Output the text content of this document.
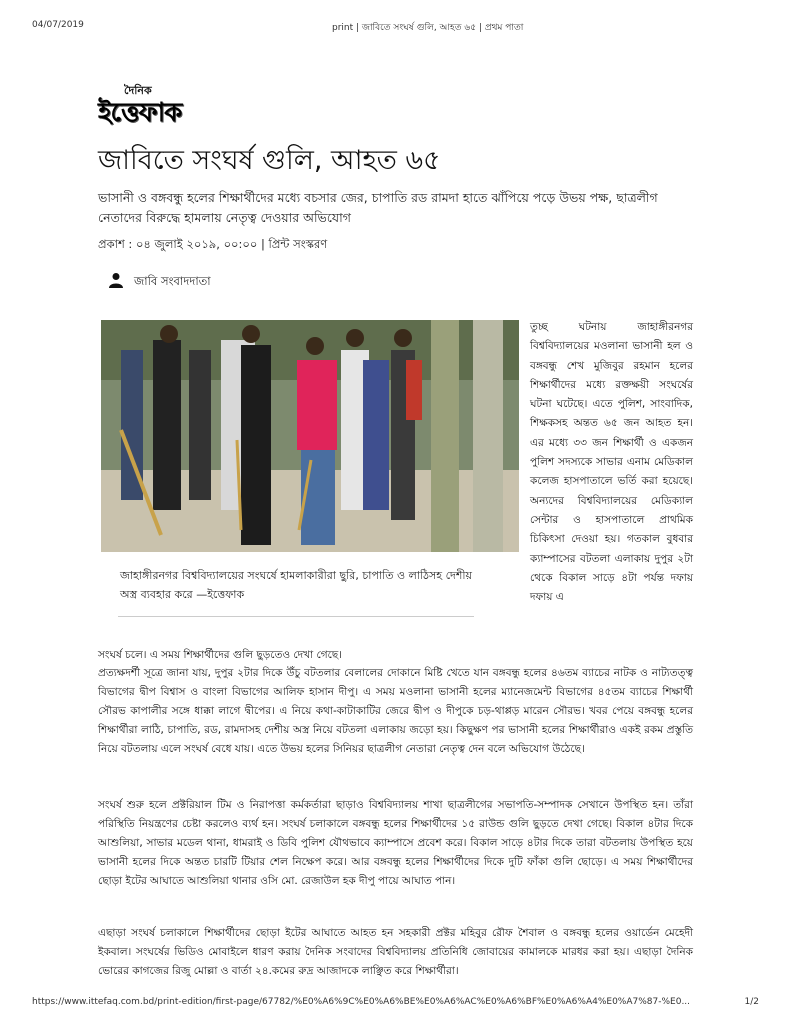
04/07/2019	print | জাবিতে সংঘর্ষ গুলি, আহত ৬৫ | প্রথম পাতা
দৈনিক
ইত্তেফাক
জাবিতে সংঘর্ষ গুলি, আহত ৬৫
ভাসানী ও বঙ্গবন্ধু হলের শিক্ষার্থীদের মধ্যে বচসার জের, চাপাতি রড রামদা হাতে ঝাঁপিয়ে পড়ে উভয় পক্ষ, ছাত্রলীগ নেতাদের বিরুদ্ধে হামলায় নেতৃত্ব দেওয়ার অভিযোগ
প্রকাশ : ০৪ জুলাই ২০১৯, ০০:০০ | প্রিন্ট সংস্করণ
জাবি সংবাদদাতা
জাহাঙ্গীরনগর বিশ্ববিদ্যালয়ের সংঘর্ষে হামলাকারীরা ছুরি, চাপাতি ও লাঠিসহ দেশীয় অস্ত্র ব্যবহার করে —ইত্তেফাক
তুচ্ছ ঘটনায় জাহাঙ্গীরনগর বিশ্ববিদ্যালয়ের মওলানা ভাসানী হল ও বঙ্গবন্ধু শেখ মুজিবুর রহমান হলের শিক্ষার্থীদের মধ্যে রক্তক্ষয়ী সংঘর্ষের ঘটনা ঘটেছে। এতে পুলিশ, সাংবাদিক, শিক্ষকসহ অন্তত ৬৫ জন আহত হন। এর মধ্যে ৩৩ জন শিক্ষার্থী ও একজন পুলিশ সদস্যকে সাভার এনাম মেডিকাল কলেজ হাসপাতালে ভর্তি করা হয়েছে। অন্যদের বিশ্ববিদ্যালয়ের মেডিক্যাল সেন্টার ও হাসপাতালে প্রাথমিক চিকিৎসা দেওয়া হয়। গতকাল বুধবার ক্যাম্পাসের বটতলা এলাকায় দুপুর ২টা থেকে বিকাল সাড়ে ৪টা পর্যন্ত দফায় দফায় এ

সংঘর্ষ চলে। এ সময় শিক্ষার্থীদের গুলি ছুড়তেও দেখা গেছে।

প্রত্যক্ষদর্শী সূত্রে জানা যায়, দুপুর ২টার দিকে উঁচু বটতলার বেলালের দোকানে মিষ্টি খেতে যান বঙ্গবন্ধু হলের ৪৬তম ব্যাচের নাটক ও নাট্যতত্ত্ব বিভাগের দ্বীপ বিশ্বাস ও বাংলা বিভাগের আলিফ হাসান দীপু। এ সময় মওলানা ভাসানী হলের ম্যানেজমেন্ট বিভাগের ৪৫তম ব্যাচের শিক্ষার্থী সৌরভ কাপালীর সঙ্গে ধাক্কা লাগে দ্বীপের। এ নিয়ে কথা-কাটাকাটির জেরে দ্বীপ ও দীপুকে চড়-থাপ্পড় মারেন সৌরভ। খবর পেয়ে বঙ্গবন্ধু হলের শিক্ষার্থীরা লাঠি, চাপাতি, রড, রামদাসহ দেশীয় অস্ত্র নিয়ে বটতলা এলাকায় জড়ো হয়। কিছুক্ষণ পর ভাসানী হলের শিক্ষার্থীরাও একই রকম প্রস্তুতি নিয়ে বটতলায় এলে সংঘর্ষ বেধে যায়। এতে উভয় হলের সিনিয়র ছাত্রলীগ নেতারা নেতৃত্ব দেন বলে অভিযোগ উঠেছে।

সংঘর্ষ শুরু হলে প্রক্টরিয়াল টিম ও নিরাপত্তা কর্মকর্তারা ছাড়াও বিশ্ববিদ্যালয় শাখা ছাত্রলীগের সভাপতি-সম্পাদক সেখানে উপস্থিত হন। তাঁরা পরিস্থিতি নিয়ন্ত্রণের চেষ্টা করলেও ব্যর্থ হন। সংঘর্ষ চলাকালে বঙ্গবন্ধু হলের শিক্ষার্থীদের ১৫ রাউন্ড গুলি ছুড়তে দেখা গেছে। বিকাল ৪টার দিকে আশুলিয়া, সাভার মডেল থানা, ধামরাই ও ডিবি পুলিশ যৌথভাবে ক্যাম্পাসে প্রবেশ করে। বিকাল সাড়ে ৪টার দিকে তারা বটতলায় উপস্থিত হয়ে ভাসানী হলের দিকে অন্তত চারটি টিয়ার শেল নিক্ষেপ করে। আর বঙ্গবন্ধু হলের শিক্ষার্থীদের দিকে দুটি ফাঁকা গুলি ছোড়ে। এ সময় শিক্ষার্থীদের ছোড়া ইটের আঘাতে আশুলিয়া থানার ওসি মো. রেজাউল হক দীপু পায়ে আঘাত পান।

এছাড়া সংঘর্ষ চলাকালে শিক্ষার্থীদের ছোড়া ইটের আঘাতে আহত হন সহকারী প্রক্টর মহিবুর রৌফ শৈবাল ও বঙ্গবন্ধু হলের ওয়ার্ডেন মেহেদী ইকবাল। সংঘর্ষের ভিডিও মোবাইলে ধারণ করায় দৈনিক সংবাদের বিশ্ববিদ্যালয় প্রতিনিধি জোবায়ের কামালকে মারধর করা হয়। এছাড়া দৈনিক ভোরের কাগজের রিজু মোল্লা ও বার্তা ২৪.কমের রুদ্র আজাদকে লাঞ্ছিত করে শিক্ষার্থীরা।

https://www.ittefaq.com.bd/print-edition/first-page/67782/%E0%A6%9C%E0%A6%BE%E0%A6%AC%E0%A6%BF%E0%A6%A4%E0%A7%87-%E0...	1/2
